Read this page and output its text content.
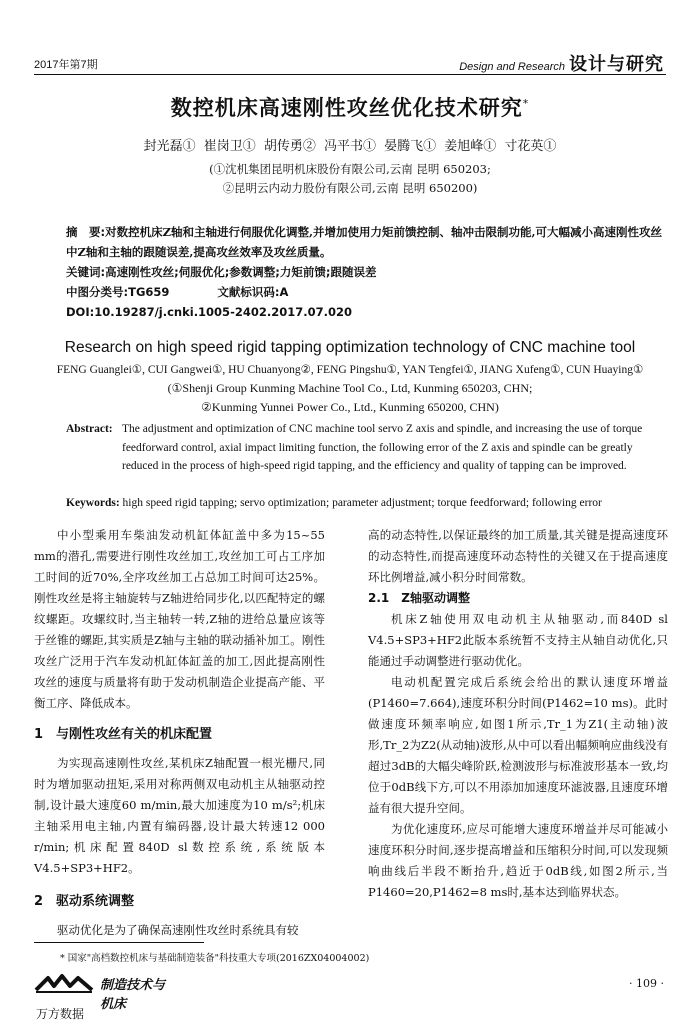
2017年第7期	Design and Research 设计与研究
数控机床高速刚性攻丝优化技术研究*
封光磊① 崔岗卫① 胡传勇② 冯平书① 晏腾飞① 姜旭峰① 寸花英①
(①沈机集团昆明机床股份有限公司,云南 昆明 650203;
②昆明云内动力股份有限公司,云南 昆明 650200)
摘　要:对数控机床Z轴和主轴进行伺服优化调整,并增加使用力矩前馈控制、轴冲击限制功能,可大幅减小高速刚性攻丝中Z轴和主轴的跟随误差,提高攻丝效率及攻丝质量。
关键词:高速刚性攻丝;伺服优化;参数调整;力矩前馈;跟随误差
中图分类号:TG659	文献标识码:A
DOI:10.19287/j.cnki.1005-2402.2017.07.020
Research on high speed rigid tapping optimization technology of CNC machine tool
FENG Guanglei①, CUI Gangwei①, HU Chuanyong②, FENG Pingshu①, YAN Tengfei①, JIANG Xufeng①, CUN Huaying①
(①Shenji Group Kunming Machine Tool Co., Ltd, Kunming 650203, CHN;
②Kunming Yunnei Power Co., Ltd., Kunming 650200, CHN)
Abstract: The adjustment and optimization of CNC machine tool servo Z axis and spindle, and increasing the use of torque feedforward control, axial impact limiting function, the following error of the Z axis and spindle can be greatly reduced in the process of high-speed rigid tapping, and the efficiency and quality of tapping can be improved.
Keywords: high speed rigid tapping; servo optimization; parameter adjustment; torque feedforward; following error

中小型乘用车柴油发动机缸体缸盖中多为15~55 mm的潜孔,需要进行刚性攻丝加工,攻丝加工可占工序加工时间的近70%,全序攻丝加工占总加工时间可达25%。刚性攻丝是将主轴旋转与Z轴进给同步化,以匹配特定的螺纹螺距。攻螺纹时,当主轴转一转,Z轴的进给总量应该等于丝锥的螺距,其实质是Z轴与主轴的联动插补加工。刚性攻丝广泛用于汽车发动机缸体缸盖的加工,因此提高刚性攻丝的速度与质量将有助于发动机制造企业提高产能、平衡工序、降低成本。

1　与刚性攻丝有关的机床配置

为实现高速刚性攻丝,某机床Z轴配置一根光栅尺,同时为增加驱动扭矩,采用对称两侧双电动机主从轴驱动控制,设计最大速度60 m/min,最大加速度为10 m/s²;机床主轴采用电主轴,内置有编码器,设计最大转速12 000 r/min;机床配置840D sl数控系统,系统版本V4.5+SP3+HF2。

2　驱动系统调整

驱动优化是为了确保高速刚性攻丝时系统具有较

高的动态特性,以保证最终的加工质量,其关键是提高速度环的动态特性,而提高速度环动态特性的关键又在于提高速度环比例增益,减小积分时间常数。

2.1　Z轴驱动调整

机床Z轴使用双电动机主从轴驱动,而840D sl V4.5+SP3+HF2此版本系统暂不支持主从轴自动优化,只能通过手动调整进行驱动优化。

电动机配置完成后系统会给出的默认速度环增益(P1460=7.664),速度环积分时间(P1462=10 ms)。此时做速度环频率响应,如图1所示,Tr_1为Z1(主动轴)波形,Tr_2为Z2(从动轴)波形,从中可以看出幅频响应曲线没有超过3dB的大幅尖峰阶跃,检测波形与标准波形基本一致,均位于0dB线下方,可以不用添加加速度环滤波器,且速度环增益有很大提升空间。

为优化速度环,应尽可能增大速度环增益并尽可能减小速度环积分时间,逐步提高增益和压缩积分时间,可以发现频响曲线后半段不断抬升,趋近于0dB线,如图2所示,当P1460=20,P1462=8 ms时,基本达到临界状态。

* 国家"高档数控机床与基础制造装备"科技重大专项(2016ZX04004002)
制造技术与机床
· 109 ·
万方数据
